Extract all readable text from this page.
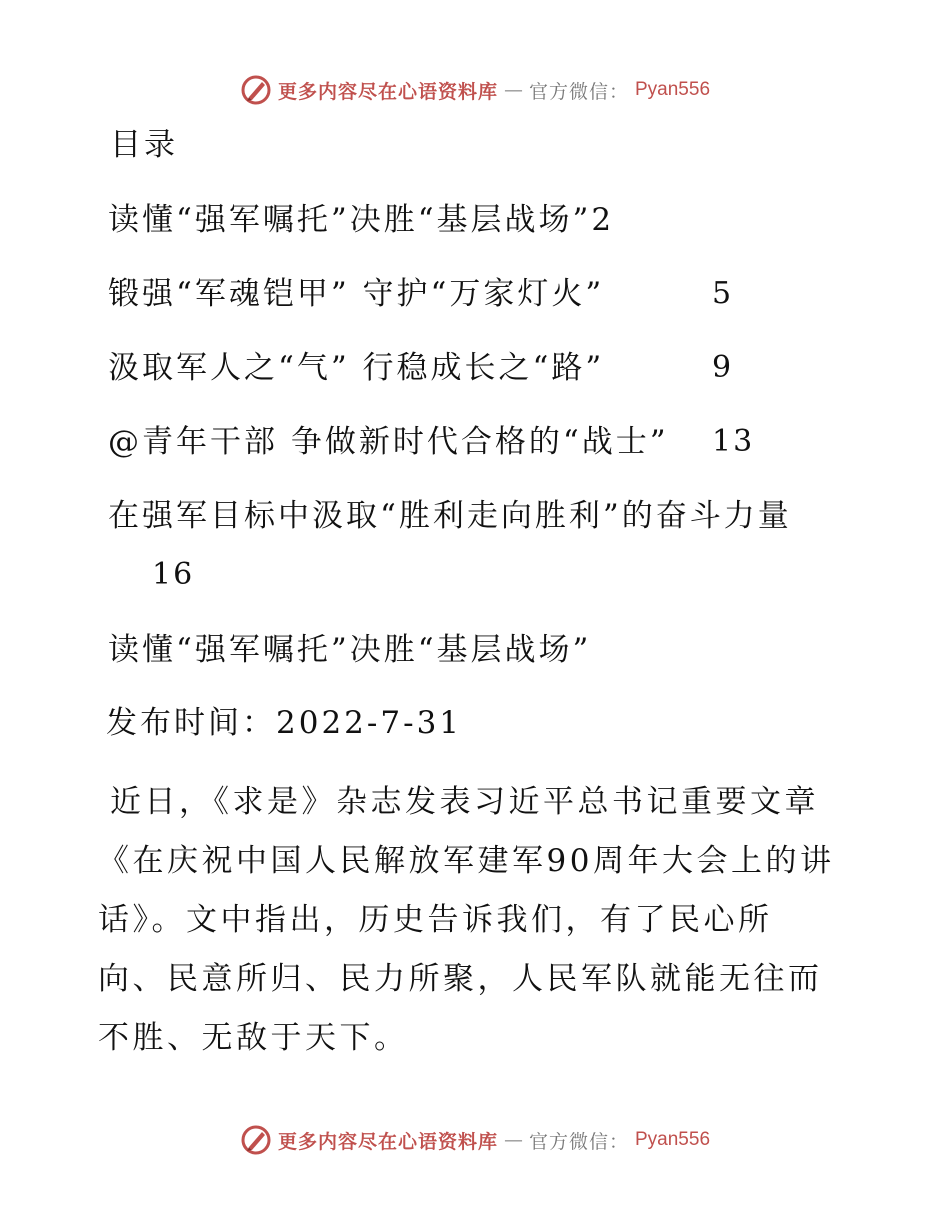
更多内容尽在心语资料库 — 官方微信： Pyan556
目录
读懂“强军嘱托”决胜“基层战场”2
锻强“军魂铠甲” 守护“万家灯火”	5
汲取军人之“气” 行稳成长之“路”	9
@青年干部 争做新时代合格的“战士” 13
在强军目标中汲取“胜利走向胜利”的奋斗力量
16
读懂“强军嘱托”决胜“基层战场”
发布时间：2022-7-31
近日，《求是》杂志发表习近平总书记重要文章《在庆祝中国人民解放军建军90周年大会上的讲话》。文中指出，历史告诉我们，有了民心所向、民意所归、民力所聚，人民军队就能无往而不胜、无敌于天下。
更多内容尽在心语资料库 — 官方微信： Pyan556
